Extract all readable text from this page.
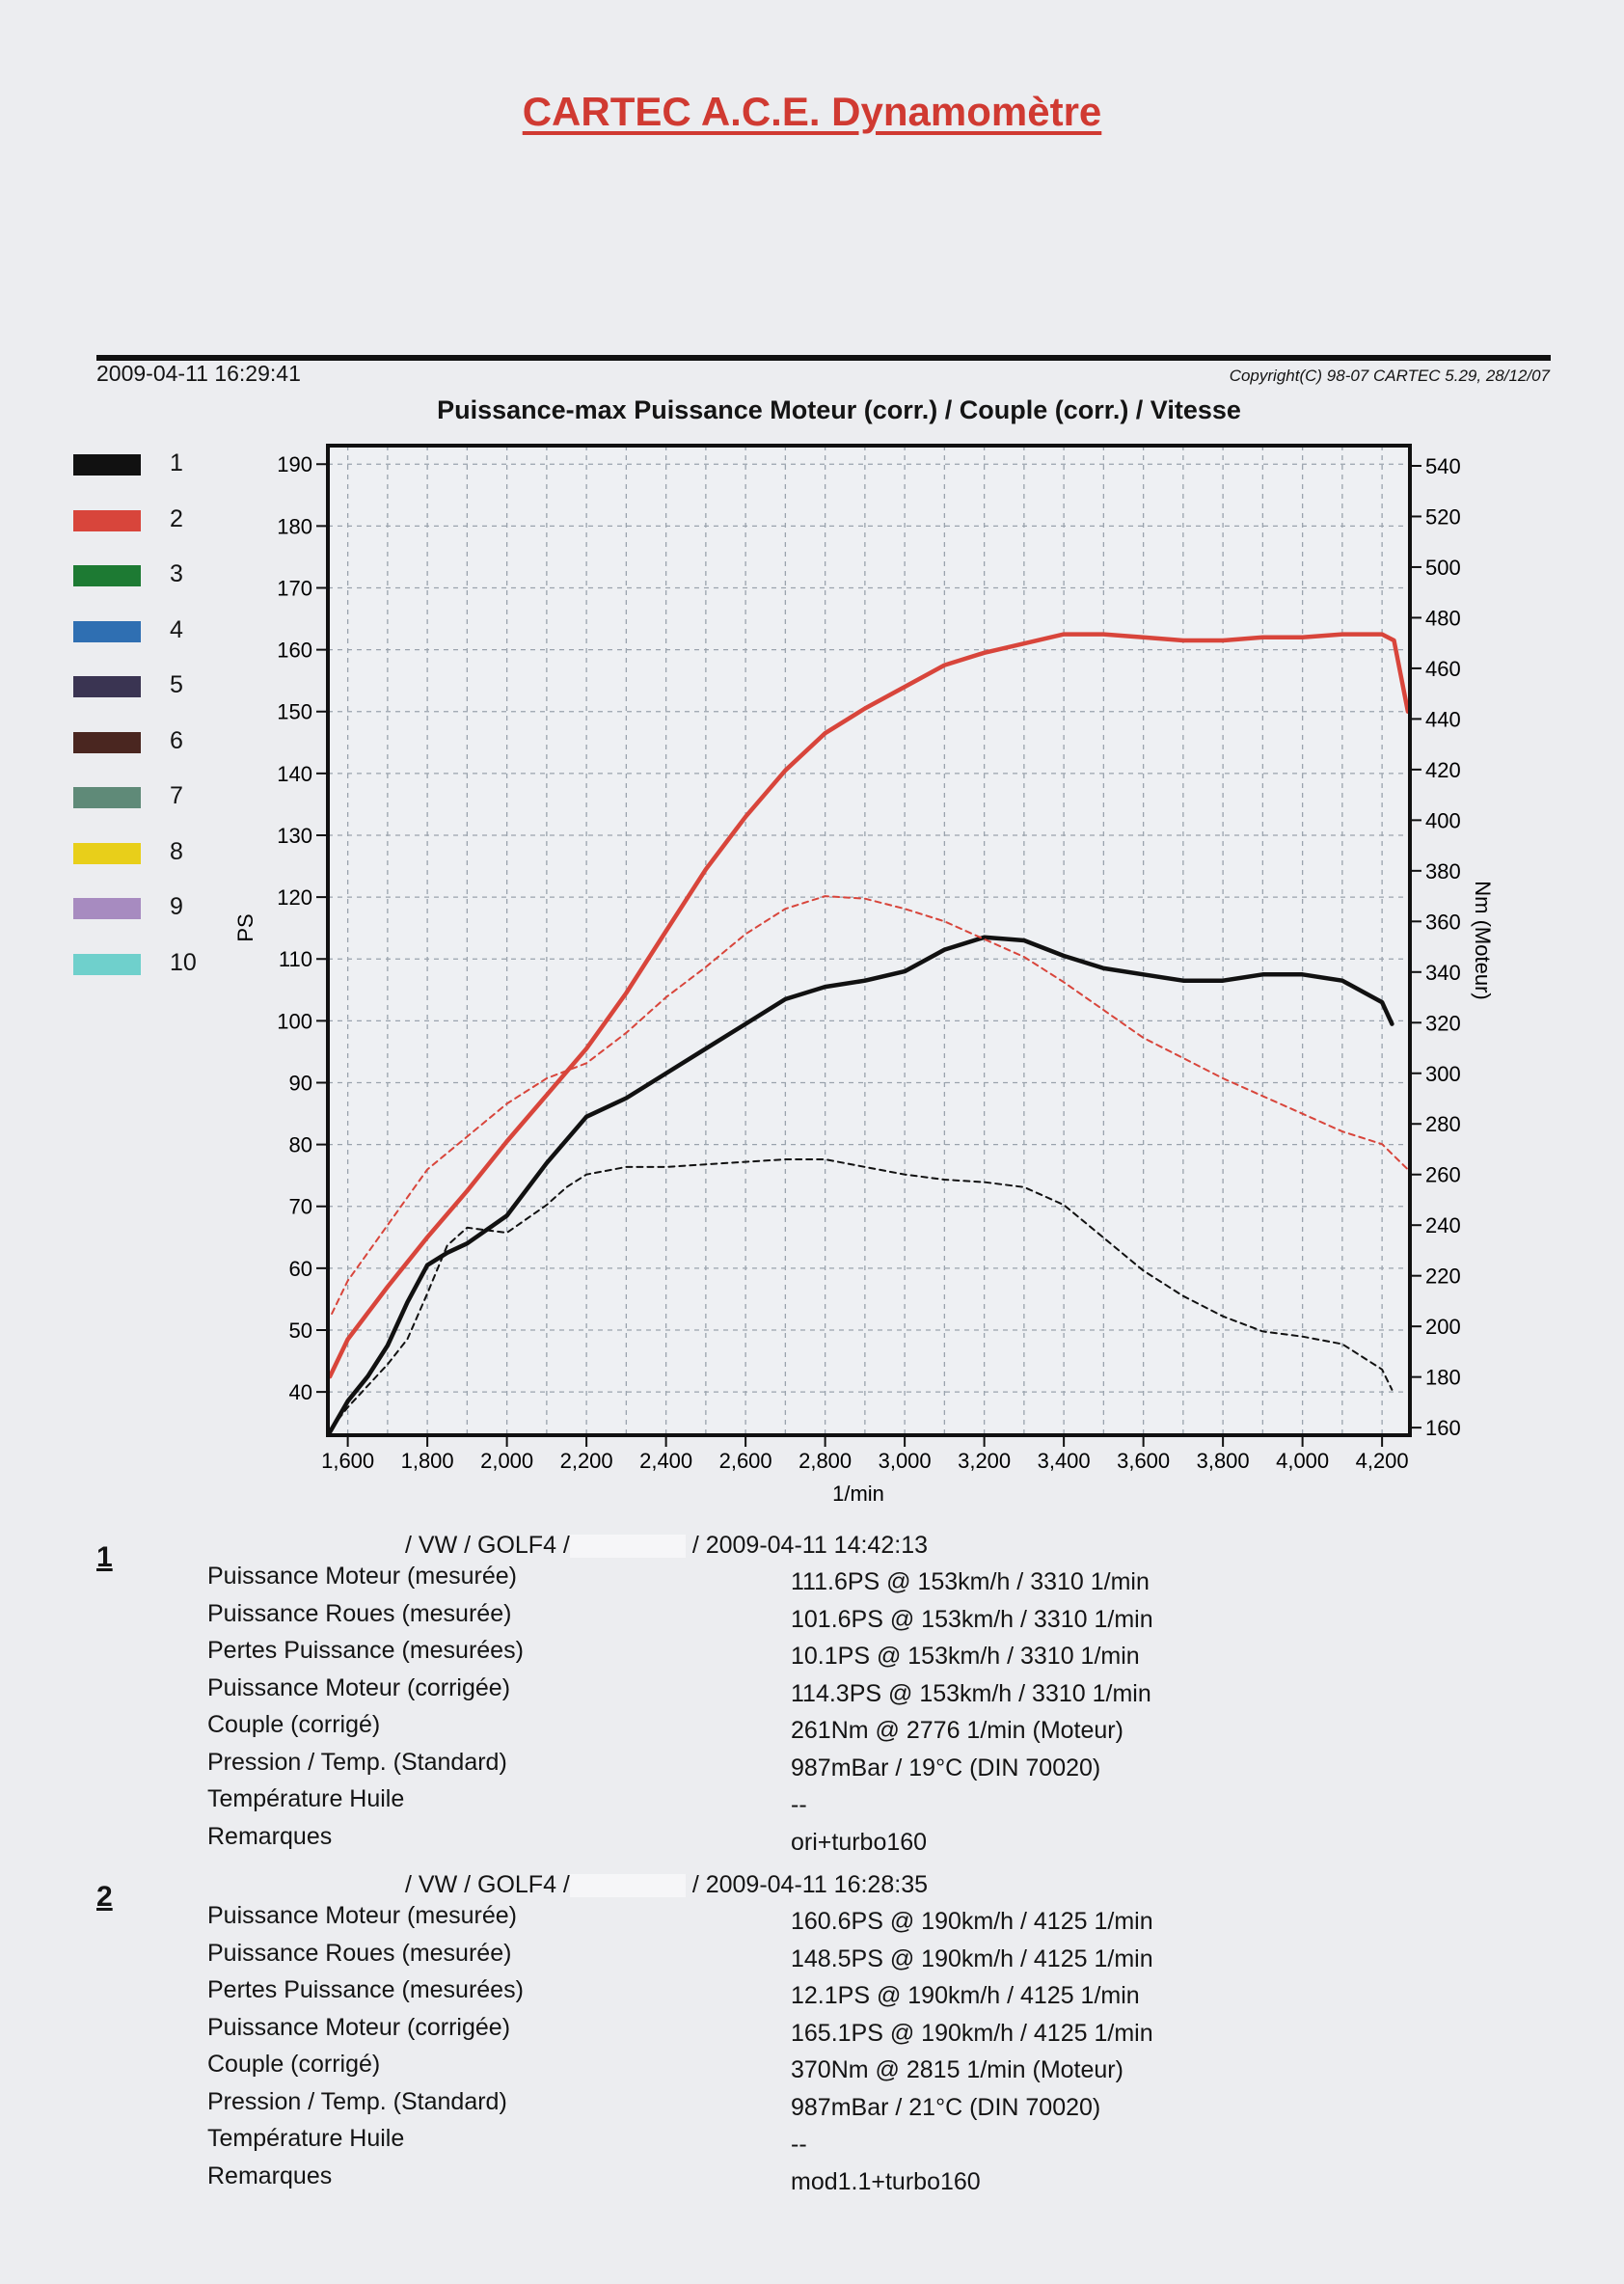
CARTEC A.C.E. Dynamomètre
2009-04-11 16:29:41	Copyright(C) 98-07 CARTEC 5.29, 28/12/07
Puissance-max Puissance Moteur (corr.) / Couple (corr.) / Vitesse
1
2
3
4
5
6
7
8
9
10
40
50
60
70
80
90
100
110
120
130
140
150
160
170
180
190
160
180
200
220
240
260
280
300
320
340
360
380
400
420
440
460
480
500
520
540
1,600 1,800 2,000 2,200 2,400 2,600 2,800 3,000 3,200 3,400 3,600 3,800 4,000 4,200
1/min
PS	Nm (Moteur)
1	/ VW / GOLF4 /	/ 2009-04-11 14:42:13
Puissance Moteur (mesurée)	111.6PS @ 153km/h / 3310 1/min
Puissance Roues (mesurée)	101.6PS @ 153km/h / 3310 1/min
Pertes Puissance (mesurées)	10.1PS @ 153km/h / 3310 1/min
Puissance Moteur (corrigée)	114.3PS @ 153km/h / 3310 1/min
Couple (corrigé)	261Nm @ 2776 1/min (Moteur)
Pression / Temp. (Standard)	987mBar / 19°C (DIN 70020)
Température Huile	--
Remarques	ori+turbo160
2	/ VW / GOLF4 /	/ 2009-04-11 16:28:35
Puissance Moteur (mesurée)	160.6PS @ 190km/h / 4125 1/min
Puissance Roues (mesurée)	148.5PS @ 190km/h / 4125 1/min
Pertes Puissance (mesurées)	12.1PS @ 190km/h / 4125 1/min
Puissance Moteur (corrigée)	165.1PS @ 190km/h / 4125 1/min
Couple (corrigé)	370Nm @ 2815 1/min (Moteur)
Pression / Temp. (Standard)	987mBar / 21°C (DIN 70020)
Température Huile	--
Remarques	mod1.1+turbo160
